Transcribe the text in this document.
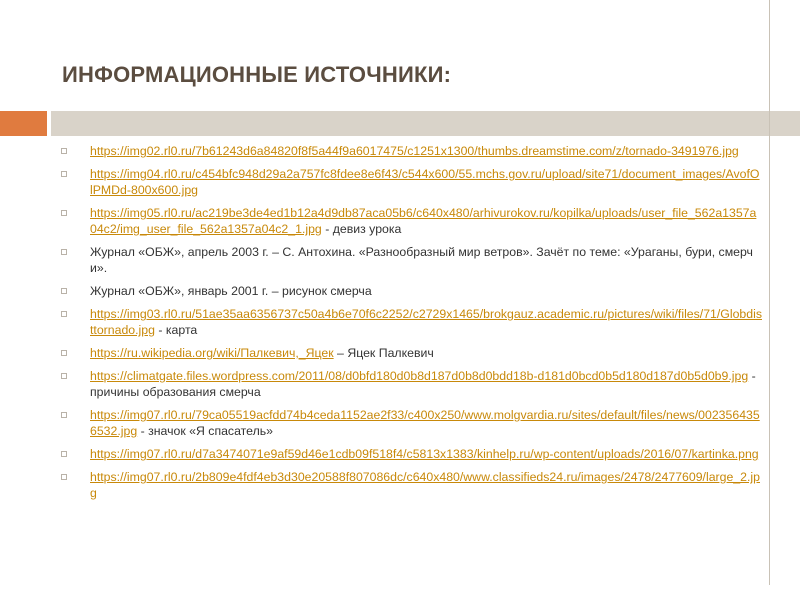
ИНФОРМАЦИОННЫЕ ИСТОЧНИКИ:
https://img02.rl0.ru/7b61243d6a84820f8f5a44f9a6017475/c1251x1300/thumbs.dreamstime.com/z/tornado-3491976.jpg
https://img04.rl0.ru/c454bfc948d29a2a757fc8fdee8e6f43/c544x600/55.mchs.gov.ru/upload/site71/document_images/AvofOlPMDd-800x600.jpg
https://img05.rl0.ru/ac219be3de4ed1b12a4d9db87aca05b6/c640x480/arhivurokov.ru/kopilka/uploads/user_file_562a1357a04c2/img_user_file_562a1357a04c2_1.jpg - девиз урока
Журнал «ОБЖ», апрель 2003 г. – С. Антохина. «Разнообразный мир ветров». Зачёт по теме: «Ураганы, бури, смерчи».
Журнал «ОБЖ», январь 2001 г. – рисунок смерча
https://img03.rl0.ru/51ae35aa6356737c50a4b6e70f6c2252/c2729x1465/brokgauz.academic.ru/pictures/wiki/files/71/Globdisttornado.jpg - карта
https://ru.wikipedia.org/wiki/Палкевич,_Яцек – Яцек Палкевич
https://climatgate.files.wordpress.com/2011/08/d0bfd180d0b8d187d0b8d0bdd18b-d181d0bcd0b5d180d187d0b5d0b9.jpg - причины образования смерча
https://img07.rl0.ru/79ca05519acfdd74b4ceda1152ae2f33/c400x250/www.molgvardia.ru/sites/default/files/news/0023564356532.jpg - значок «Я спасатель»
https://img07.rl0.ru/d7a3474071e9af59d46e1cdb09f518f4/c5813x1383/kinhelp.ru/wp-content/uploads/2016/07/kartinka.png
https://img07.rl0.ru/2b809e4fdf4eb3d30e20588f807086dc/c640x480/www.classifieds24.ru/images/2478/2477609/large_2.jpg
